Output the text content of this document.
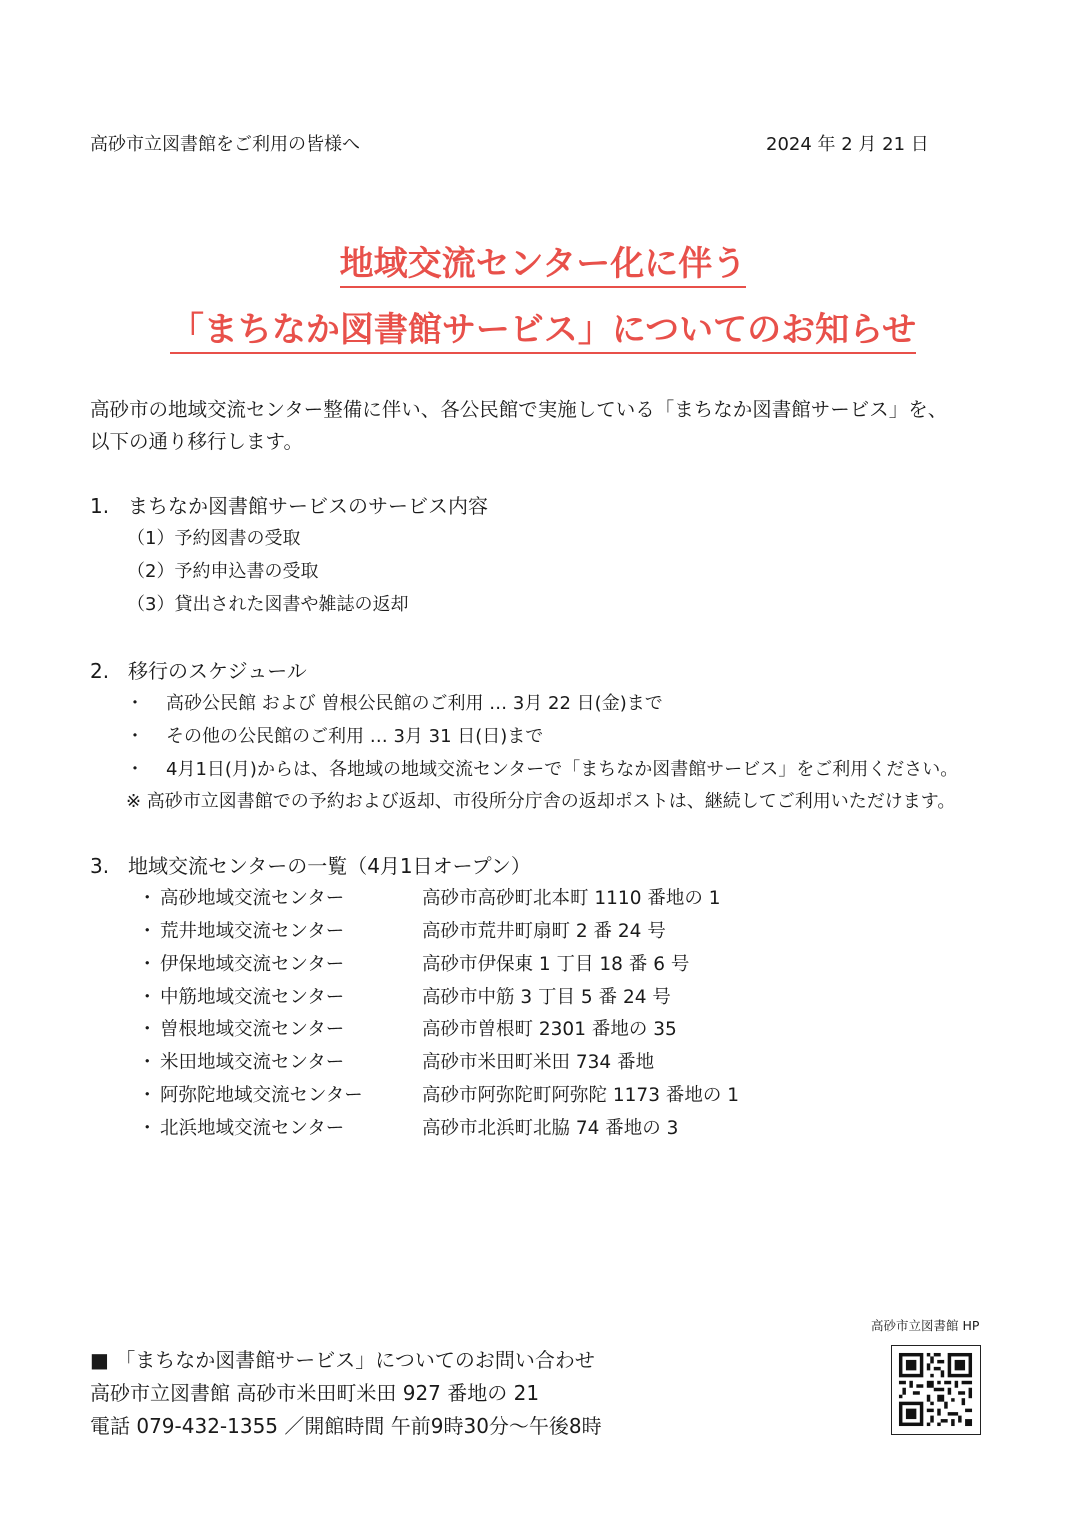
高砂市立図書館をご利用の皆様へ	2024 年 2 月 21 日
地域交流センター化に伴う
「まちなか図書館サービス」についてのお知らせ
高砂市の地域交流センター整備に伴い、各公民館で実施している「まちなか図書館サービス」を、
以下の通り移行します。
1. まちなか図書館サービスのサービス内容
（1）予約図書の受取
（2）予約申込書の受取
（3）貸出された図書や雑誌の返却
2. 移行のスケジュール
・ 高砂公民館 および 曽根公民館のご利用 … 3月 22 日(金)まで
・ その他の公民館のご利用 … 3月 31 日(日)まで
・ 4月1日(月)からは、各地域の地域交流センターで「まちなか図書館サービス」をご利用ください。
※ 高砂市立図書館での予約および返却、市役所分庁舎の返却ポストは、継続してご利用いただけます。
3. 地域交流センターの一覧（4月1日オープン）
・ 高砂地域交流センター	高砂市高砂町北本町 1110 番地の 1
・ 荒井地域交流センター	高砂市荒井町扇町 2 番 24 号
・ 伊保地域交流センター	高砂市伊保東 1 丁目 18 番 6 号
・ 中筋地域交流センター	高砂市中筋 3 丁目 5 番 24 号
・ 曽根地域交流センター	高砂市曽根町 2301 番地の 35
・ 米田地域交流センター	高砂市米田町米田 734 番地
・ 阿弥陀地域交流センター	高砂市阿弥陀町阿弥陀 1173 番地の 1
・ 北浜地域交流センター	高砂市北浜町北脇 74 番地の 3
■ 「まちなか図書館サービス」についてのお問い合わせ
高砂市立図書館 高砂市米田町米田 927 番地の 21
電話 079-432-1355 ／開館時間 午前9時30分～午後8時
高砂市立図書館 HP
